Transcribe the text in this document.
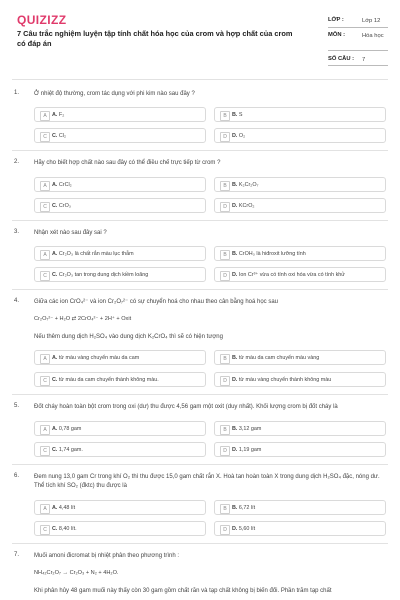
QUIZIZZ
7 Câu trắc nghiệm luyện tập tính chất hóa học của crom và hợp chất của crom có đáp án
LỚP :	Lớp 12
MÔN :	Hóa học
SỐ CÂU : 7
1. Ở nhiệt độ thường, crom tác dụng với phi kim nào sau đây ?
A A. F₂	B B. S
C C. Cl₂	D D. O₂
2. Hãy cho biết hợp chất nào sau đây có thể điều chế trực tiếp từ crom ?
A A. CrCl₂	B B. K₂Cr₂O₇
C C. CrO₃	D D. KCrO₂
3. Nhận xét nào sau đây sai ?
A A. Cr₂O₃ là chất rắn màu lục thẫm	B B. CrOH₃ là hiđroxit lưỡng tính
C C. Cr₂O₃ tan trong dung dịch kiềm loãng	D D. Ion Cr³⁺ vừa có tính oxi hóa vừa có tính khử
4. Giữa các ion CrO₄²⁻ và ion Cr₂O₇²⁻ có sự chuyển hoá cho nhau theo cân bằng hoá học sau
Cr₂O₇²⁻ + H₂O ⇄ 2CrO₄²⁻ + 2H⁺ + Oxit
Nếu thêm dung dịch H₂SO₄ vào dung dịch K₂CrO₄ thì sẽ có hiện tượng
A A. từ màu vàng chuyển màu da cam	B B. từ màu da cam chuyển màu vàng
C C. từ màu da cam chuyển thành không màu.	D D. từ màu vàng chuyển thành không màu
5. Đốt cháy hoàn toàn bột crom trong oxi (dư) thu được 4,56 gam một oxit (duy nhất). Khối lượng crom bị đốt cháy là
A A. 0,78 gam	B B. 3,12 gam
C C. 1,74 gam.	D D. 1,19 gam
6. Đem nung 13,0 gam Cr trong khí O₂ thì thu được 15,0 gam chất rắn X. Hoà tan hoàn toàn X trong dung dịch H₂SO₄ đặc, nóng dư. Thể tích khí SO₂ (đktc) thu được là
A A. 4,48 lít	B B. 6,72 lít
C C. 8,40 lít.	D D. 5,60 lít
7. Muối amoni đicromat bị nhiệt phân theo phương trình :
NH₄₂Cr₂O₇ → Cr₂O₃ + N₂ + 4H₂O.
Khi phân hủy 48 gam muối này thấy còn 30 gam gồm chất rắn và tạp chất không bị biến đổi. Phần trăm tạp chất
